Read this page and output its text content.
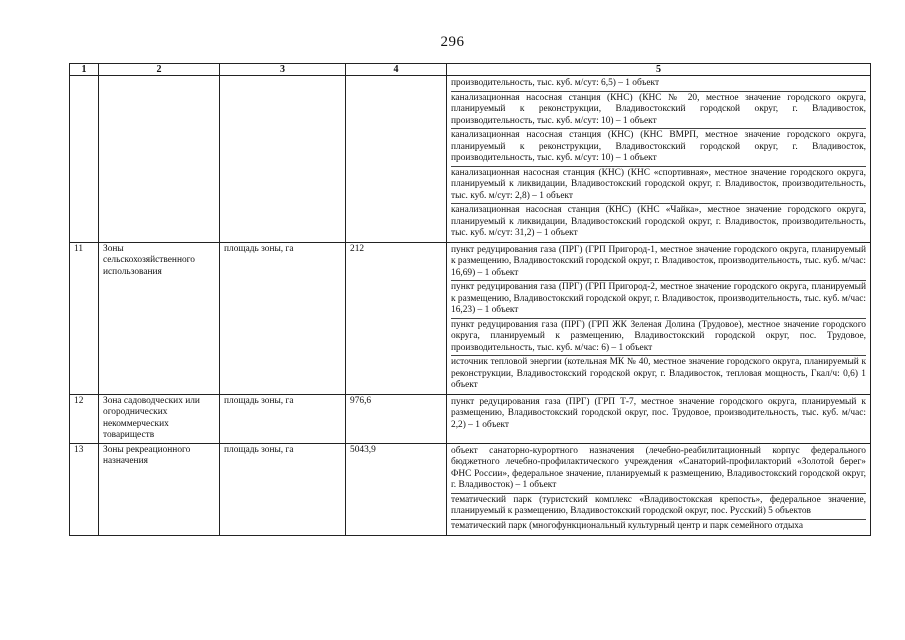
296
1	2	3	4	5

				производительность, тыс. куб. м/сут: 6,5) – 1 объект
канализационная насосная станция (КНС) (КНС № 20, местное значение городского округа, планируемый к реконструкции, Владивостокский городской округ, г. Владивосток, производительность, тыс. куб. м/сут: 10) – 1 объект
канализационная насосная станция (КНС) (КНС ВМРП, местное значение городского округа, планируемый к реконструкции, Владивостокский городской округ, г. Владивосток, производительность, тыс. куб. м/сут: 10) – 1 объект
канализационная насосная станция (КНС) (КНС «спортивная», местное значение городского округа, планируемый к ликвидации, Владивостокский городской округ, г. Владивосток, производительность, тыс. куб. м/сут: 2,8) – 1 объект
канализационная насосная станция (КНС) (КНС «Чайка», местное значение городского округа, планируемый к ликвидации, Владивостокский городской округ, г. Владивосток, производительность, тыс. куб. м/сут: 31,2) – 1 объект

11	Зоны сельскохозяйственного использования	площадь зоны, га	212	пункт редуцирования газа (ПРГ) (ГРП Пригород-1, местное значение городского округа, планируемый к размещению, Владивостокский городской округ, г. Владивосток, производительность, тыс. куб. м/час: 16,69) – 1 объект
пункт редуцирования газа (ПРГ) (ГРП Пригород-2, местное значение городского округа, планируемый к размещению, Владивостокский городской округ, г. Владивосток, производительность, тыс. куб. м/час: 16,23) – 1 объект
пункт редуцирования газа (ПРГ) (ГРП ЖК Зеленая Долина (Трудовое), местное значение городского округа, планируемый к размещению, Владивостокский городской округ, пос. Трудовое, производительность, тыс. куб. м/час: 6) – 1 объект
источник тепловой энергии (котельная МК № 40, местное значение городского округа, планируемый к реконструкции, Владивостокский городской округ, г. Владивосток, тепловая мощность, Гкал/ч: 0,6) 1 объект

12	Зона садоводческих или огороднических некоммерческих товариществ	площадь зоны, га	976,6	пункт редуцирования газа (ПРГ) (ГРП Т-7, местное значение городского округа, планируемый к размещению, Владивостокский городской округ, пос. Трудовое, производительность, тыс. куб. м/час: 2,2) – 1 объект

13	Зоны рекреационного назначения	площадь зоны, га	5043,9	объект санаторно-курортного назначения (лечебно-реабилитационный корпус федерального бюджетного лечебно-профилактического учреждения «Санаторий-профилакторий «Золотой берег» ФНС России», федеральное значение, планируемый к размещению, Владивостокский городской округ, г. Владивосток) – 1 объект
тематический парк (туристский комплекс «Владивостокская крепость», федеральное значение, планируемый к размещению, Владивостокский городской округ, пос. Русский) 5 объектов
тематический парк (многофункциональный культурный центр и парк семейного отдыха
